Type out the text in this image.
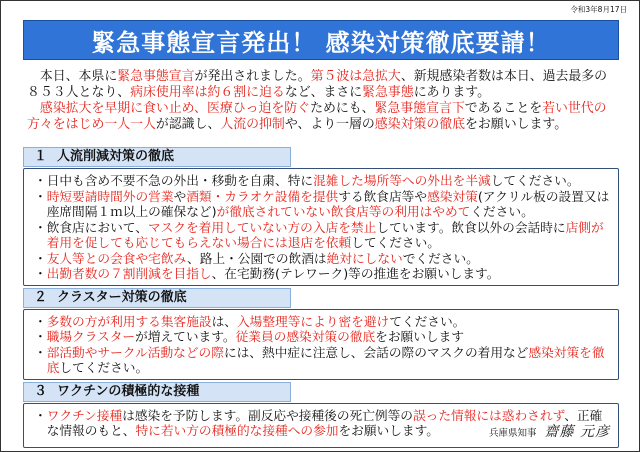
令和3年8月17日
緊急事態宣言発出！ 感染対策徹底要請！

本日、本県に緊急事態宣言が発出されました。第５波は急拡大、新規感染者数は本日、過去最多の８５３人となり、病床使用率は約６割に迫るなど、まさに緊急事態にあります。

感染拡大を早期に食い止め、医療ひっ迫を防ぐためにも、緊急事態宣言下であることを若い世代の方々をはじめ一人一人が認識し、人流の抑制や、より一層の感染対策の徹底をお願いします。

１ 人流削減対策の徹底
・ 日中も含め不要不急の外出・移動を自粛、特に混雑した場所等への外出を半減してください。
・ 時短要請時間外の営業や酒類・カラオケ設備を提供する飲食店等や感染対策(アクリル板の設置又は座席間隔１ｍ以上の確保など)が徹底されていない飲食店等の利用はやめてください。
・ 飲食店において、マスクを着用していない方の入店を禁止しています。飲食以外の会話時に店側が着用を促しても応じてもらえない場合には退店を依頼してください。
・ 友人等との会食や宅飲み、路上・公園での飲酒は絶対にしないでください。
・ 出勤者数の７割削減を目指し、在宅勤務(テレワーク)等の推進をお願いします。
２ クラスター対策の徹底
・ 多数の方が利用する集客施設は、入場整理等により密を避けてください。
・ 職場クラスターが増えています。従業員の感染対策の徹底をお願いします
・ 部活動やサークル活動などの際には、熱中症に注意し、会話の際のマスクの着用など感染対策を徹底してください。
３ ワクチンの積極的な接種
・ ワクチン接種は感染を予防します。副反応や接種後の死亡例等の誤った情報には惑わされず、正確な情報のもと、特に若い方の積極的な接種への参加をお願いします。	兵庫県知事 齋藤 元彦
